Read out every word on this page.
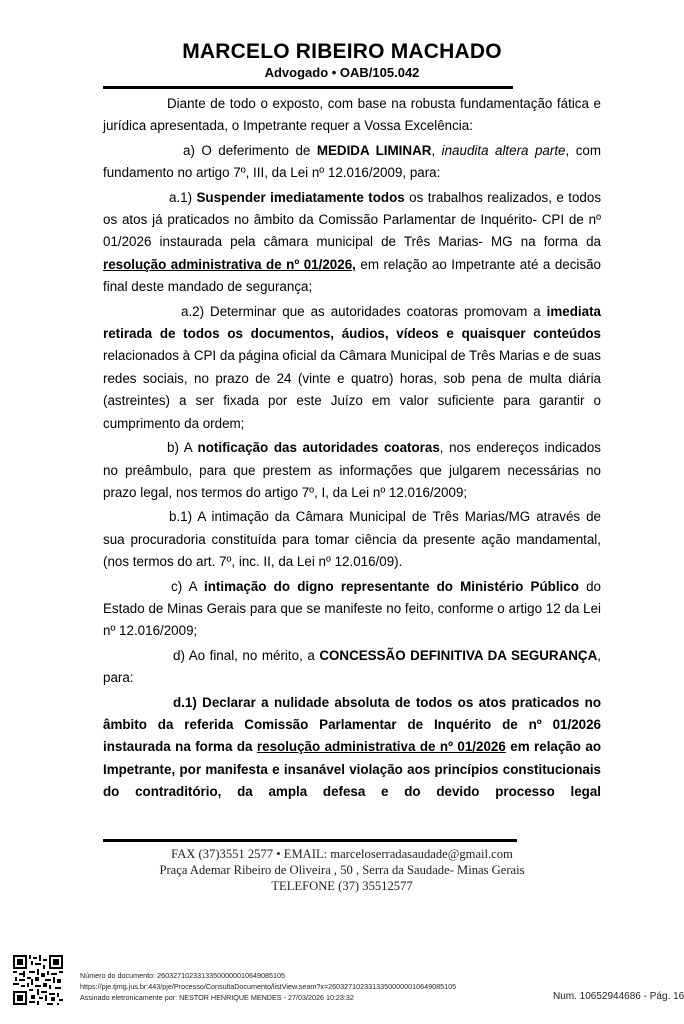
MARCELO RIBEIRO MACHADO
Advogado • OAB/105.042

Diante de todo o exposto, com base na robusta fundamentação fática e jurídica apresentada, o Impetrante requer a Vossa Excelência:

a) O deferimento de MEDIDA LIMINAR, inaudita altera parte, com fundamento no artigo 7º, III, da Lei nº 12.016/2009, para:

a.1) Suspender imediatamente todos os trabalhos realizados, e todos os atos já praticados no âmbito da Comissão Parlamentar de Inquérito- CPI de nº 01/2026 instaurada pela câmara municipal de Três Marias- MG na forma da resolução administrativa de nº 01/2026, em relação ao Impetrante até a decisão final deste mandado de segurança;

a.2) Determinar que as autoridades coatoras promovam a imediata retirada de todos os documentos, áudios, vídeos e quaisquer conteúdos relacionados à CPI da página oficial da Câmara Municipal de Três Marias e de suas redes sociais, no prazo de 24 (vinte e quatro) horas, sob pena de multa diária (astreintes) a ser fixada por este Juízo em valor suficiente para garantir o cumprimento da ordem;

b) A notificação das autoridades coatoras, nos endereços indicados no preâmbulo, para que prestem as informações que julgarem necessárias no prazo legal, nos termos do artigo 7º, I, da Lei nº 12.016/2009;

b.1) A intimação da Câmara Municipal de Três Marias/MG através de sua procuradoria constituída para tomar ciência da presente ação mandamental, (nos termos do art. 7º, inc. II, da Lei nº 12.016/09).

c) A intimação do digno representante do Ministério Público do Estado de Minas Gerais para que se manifeste no feito, conforme o artigo 12 da Lei nº 12.016/2009;

d) Ao final, no mérito, a CONCESSÃO DEFINITIVA DA SEGURANÇA, para:

d.1) Declarar a nulidade absoluta de todos os atos praticados no âmbito da referida Comissão Parlamentar de Inquérito de nº 01/2026 instaurada na forma da resolução administrativa de nº 01/2026 em relação ao Impetrante, por manifesta e insanável violação aos princípios constitucionais do contraditório, da ampla defesa e do devido processo legal

FAX (37)3551 2577 • EMAIL: marceloserradasaudade@gmail.com
Praça Ademar Ribeiro de Oliveira , 50 , Serra da Saudade- Minas Gerais
TELEFONE (37) 35512577
Número do documento: 26032710233133500000010649085105
https://pje.tjmg.jus.br:443/pje/Processo/ConsultaDocumento/listView.seam?x=26032710233133500000010649085105
Assinado eletronicamente por: NESTOR HENRIQUE MENDES - 27/03/2026 10:23:32	Num. 10652944686 - Pág. 16
